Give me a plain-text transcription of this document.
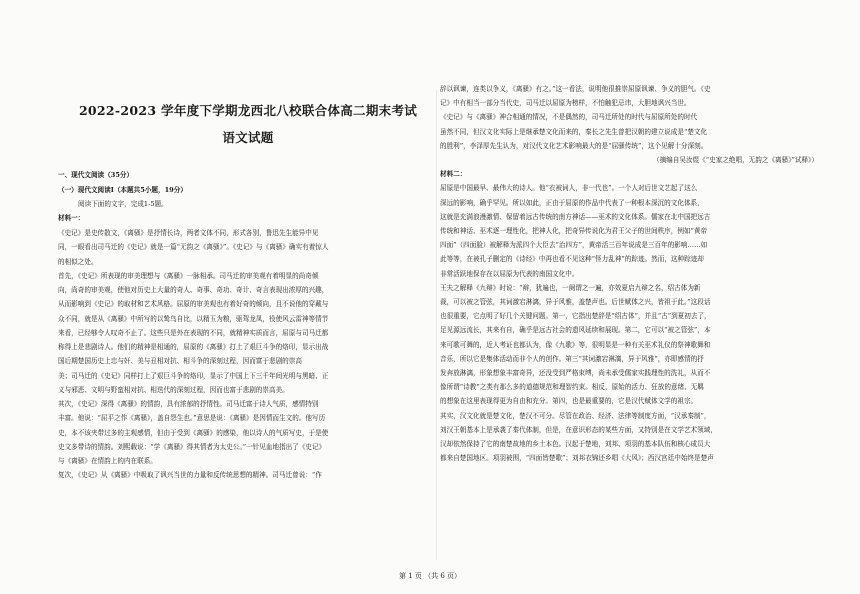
2022-2023 学年度下学期龙西北八校联合体高二期末考试
语文试题
一、现代文阅读（35分）
（一）现代文阅读Ⅰ（本题共5小题，19分）
阅读下面的文字，完成1-5题。
材料一：
《史记》是史传散文，《离骚》是抒情长诗，两者文体不同，形式各别，鲁迅先生能异中见
同，一眼看出司马迁的《史记》就是一篇“无韵之《离骚》”。《史记》与《离骚》确实有着惊人
的相似之处。
首先，《史记》所表现的审美理想与《离骚》一脉相承。司马迁的审美观有着明显的尚奇倾
向，尚奇的审美观，使他对历史上大量的奇人、奇事、奇功、奇计、奇言表现出浓厚的兴趣，
从而影响到《史记》的取材和艺术风格。屈原的审美观也有着好奇的倾向，且不说他的穿戴与
众不同，就是从《离骚》中所写的以鸷鸟自比，以精玉为粮，驱驾龙凤，役使风云雷神等情节
来看，已经够令人叹奇不止了。这些只是外在表现的不同，就精神实质而言，屈原与司马迁都
称得上是悲剧诗人。他们的精神是相通的，屈原的《离骚》打上了艰巨斗争的烙印，显示出战
国后期楚国历史上忠与奸、美与丑相对抗、相斗争的深刻过程，因而富于悲剧的崇高
美；司马迁的《史记》同样打上了艰巨斗争的烙印，显示了中国上下三千年间光明与黑暗、正
义与邪恶、文明与野蛮相对抗、相迭代的深刻过程，因而也富于悲剧的崇高美。
其次，《史记》深得《离骚》的情韵，具有浓郁的抒情性。司马迁富于诗人气质，感情特别
丰富。他说：“屈平之作《离骚》，盖自怨生也。”意思是说：《离骚》是因情而生文的。他写历
史，本不该夹带过多的主观感情，但由于受到《离骚》的感染，他以诗人的气质写史，于是使
史文多带诗的情韵。刘熙载说：“学《离骚》得其情者为太史公。”一针见血地指出了《史记》
与《离骚》在情韵上的内在联系。
复次，《史记》从《离骚》中吸取了讽兴当世的力量和反传统思想的精神。司马迁曾说：“作
辞以讽谏，连类以争义，《离骚》有之。”这一看法，说明他很推崇屈原讽谏、争义的胆气。《史
记》中有相当一部分当代史，司马迁以屈原为榜样，不怕触犯忌讳，大胆地讽兴当世。
《史记》与《离骚》神合相通的情况，不是偶然的，司马迁所处的时代与屈原所处的时代
虽然不同，但汉文化实际上是继承楚文化而来的，秦长之先生曾把汉朝的建立说成是“楚文化
的胜利”，李泽厚先生认为，对汉代文化艺术影响最大的是“屈骚传统”，这个见解十分深刻。
（摘编自吴汝煜《“史家之绝唱，无韵之《离骚》”试释》）
材料二：
屈原是中国最早、最伟大的诗人。他“衣被词人，非一代也”。一个人对后世文艺起了这么
深远的影响，确乎罕见。所以如此，正由于屈原的作品中代表了一种根本深沉的文化体系，
这就是充满浪漫激情、保留着远古传统的南方神话——巫术的文化体系。儒家在北中国把远古
传统和神话、巫术逐一理性化，把神人化，把奇异传说化为君王父子的世间秩序，例如“黄帝
四面”（四面脸）被解释为派四个大臣去“治四方”，黄帝活三百年说成是三百年的影响……如
此等等，在被孔子删定的《诗经》中再也看不见这种“怪力乱神”的踪迹。然而，这种踪迹却
非常活跃地保存在以屈原为代表的南国文化中。
王夫之解释《九辩》时说：“辩，犹遍也，一阕谓之一遍，亦效夏启九辩之名，绍古体为新
裁，可以被之管弦，其词激宕淋漓，异于风雅，盖楚声也。后世赋体之兴，皆祖于此。”这段话
也很重要，它点明了好几个关键问题。第一，它指出楚辞是“绍古体”，并且“古”到夏初去了，
足见源远流长，其来有自，确乎是远古社会的遗风延续和展现。第二，它可以“被之管弦”，本
来可歌可舞的，近人考证也都认为，像《九歌》等，很明显是一种有关巫术礼仪的祭神歌舞和
音乐，所以它是集体活动而非个人的创作。第三“其词激宕淋漓，异于风雅”，亦即感情的抒
发奔放淋漓，形象想象丰富奇异，还没受到严格束缚，尚未承受儒家实践理性的洗礼，从而不
像所谓“诗教”之类有那么多的道德规范和理智约束。相反，原始的活力、狂放的意绪、无羁
的想象在这里表现得更为自由和充分。第四，也是最重要的，它是汉代赋体文学的祖宗。
其实，汉文化就是楚文化，楚汉不可分。尽管在政治、经济、法律等制度方面，“汉承秦制”，
刘汉王朝基本上是承袭了秦代体制，但是，在意识形态的某些方面，又特别是在文学艺术领域，
汉却依然保持了它的南楚故地的乡土本色。汉起于楚地，刘邦、项羽的基本队伍和核心成员大
都来自楚国地区。项羽被围，“四面皆楚歌”；刘邦衣锦还乡唱《大风》；西汉宫廷中始终是楚声
第 1 页 （共 6 页）
